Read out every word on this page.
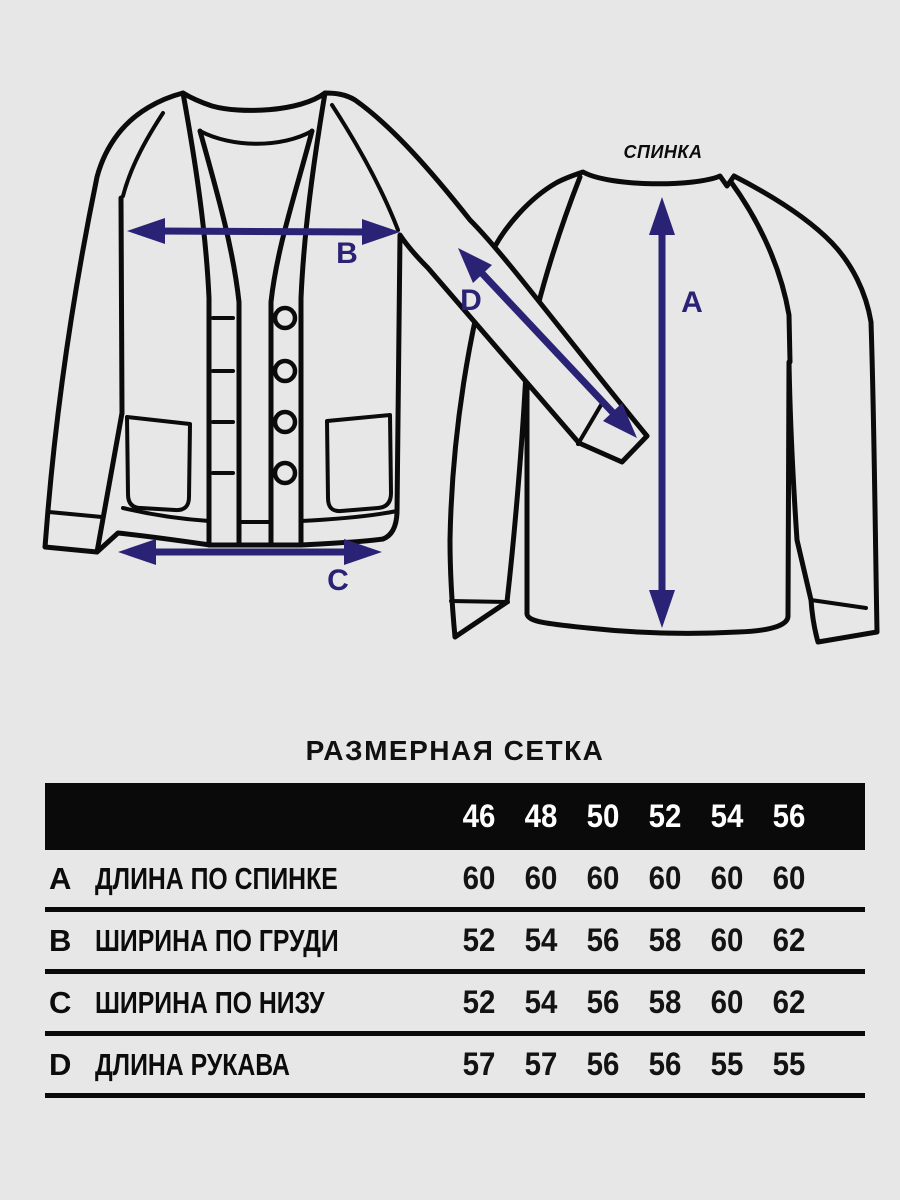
B
C
D	A
СПИНКА
РАЗМЕРНАЯ СЕТКА
46 48 50 52 54 56
A ДЛИНА ПО СПИНКЕ	60 60 60 60 60 60
B ШИРИНА ПО ГРУДИ	52 54 56 58 60 62
C ШИРИНА ПО НИЗУ	52 54 56 58 60 62
D ДЛИНА РУКАВА	57 57 56 56 55 55
